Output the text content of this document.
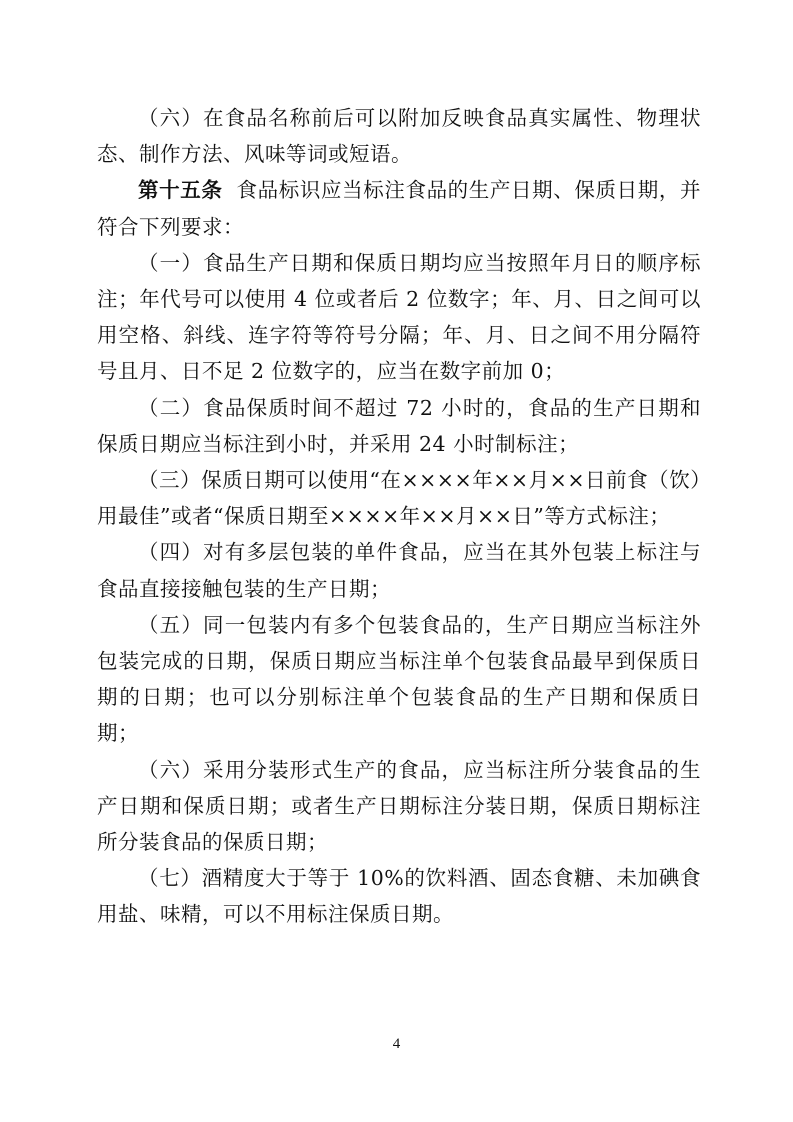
（六）在食品名称前后可以附加反映食品真实属性、物理状态、制作方法、风味等词或短语。

第十五条 食品标识应当标注食品的生产日期、保质日期，并符合下列要求：

（一）食品生产日期和保质日期均应当按照年月日的顺序标注；年代号可以使用 4 位或者后 2 位数字；年、月、日之间可以用空格、斜线、连字符等符号分隔；年、月、日之间不用分隔符号且月、日不足 2 位数字的，应当在数字前加 0；

（二）食品保质时间不超过 72 小时的，食品的生产日期和保质日期应当标注到小时，并采用 24 小时制标注；

（三）保质日期可以使用“在××××年××月××日前食（饮）用最佳”或者“保质日期至××××年××月××日”等方式标注；

（四）对有多层包装的单件食品，应当在其外包装上标注与食品直接接触包装的生产日期；

（五）同一包装内有多个包装食品的，生产日期应当标注外包装完成的日期，保质日期应当标注单个包装食品最早到保质日期的日期；也可以分别标注单个包装食品的生产日期和保质日期；

（六）采用分装形式生产的食品，应当标注所分装食品的生产日期和保质日期；或者生产日期标注分装日期，保质日期标注所分装食品的保质日期；

（七）酒精度大于等于 10%的饮料酒、固态食糖、未加碘食用盐、味精，可以不用标注保质日期。

4
